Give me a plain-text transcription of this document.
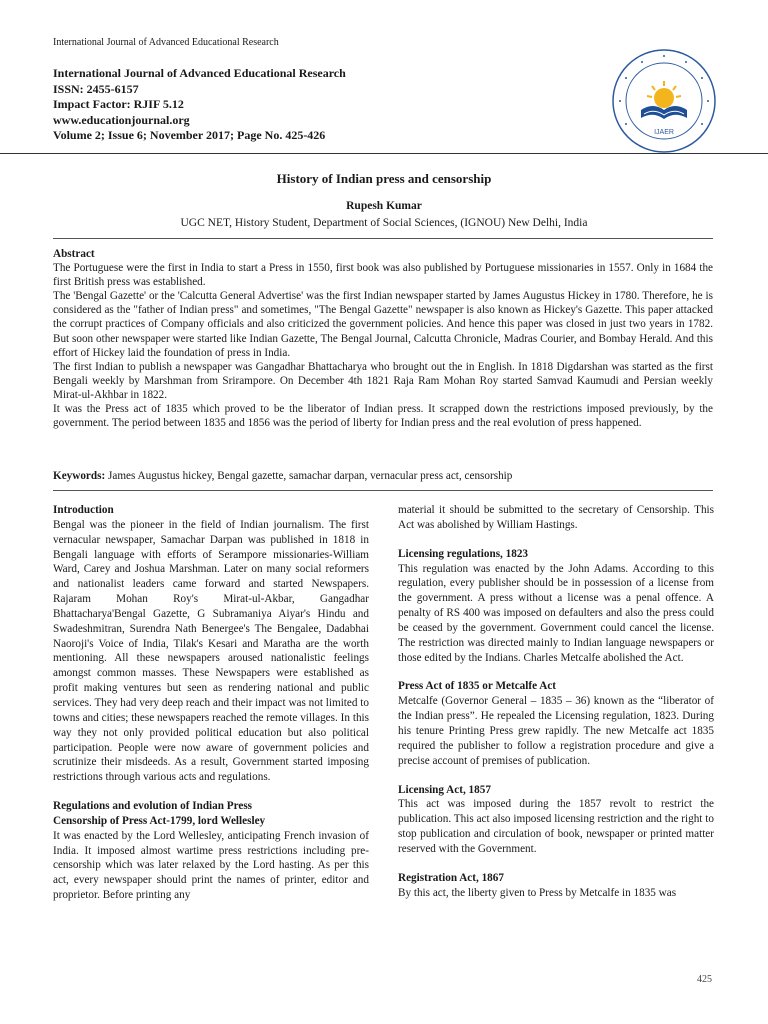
International Journal of Advanced Educational Research
International Journal of Advanced Educational Research
ISSN: 2455-6157
Impact Factor: RJIF 5.12
www.educationjournal.org
Volume 2; Issue 6; November 2017; Page No. 425-426	IJAER
History of Indian press and censorship
Rupesh Kumar
UGC NET, History Student, Department of Social Sciences, (IGNOU) New Delhi, India
Abstract

The Portuguese were the first in India to start a Press in 1550, first book was also published by Portuguese missionaries in 1557. Only in 1684 the first British press was established.

The 'Bengal Gazette' or the 'Calcutta General Advertise' was the first Indian newspaper started by James Augustus Hickey in 1780. Therefore, he is considered as the "father of Indian press" and sometimes, "The Bengal Gazette" newspaper is also known as Hickey's Gazette. This paper attacked the corrupt practices of Company officials and also criticized the government policies. And hence this paper was closed in just two years in 1782. But soon other newspaper were started like Indian Gazette, The Bengal Journal, Calcutta Chronicle, Madras Courier, and Bombay Herald. And this effort of Hickey laid the foundation of press in India.

The first Indian to publish a newspaper was Gangadhar Bhattacharya who brought out the in English. In 1818 Digdarshan was started as the first Bengali weekly by Marshman from Srirampore. On December 4th 1821 Raja Ram Mohan Roy started Samvad Kaumudi and Persian weekly Mirat-ul-Akhbar in 1822.

It was the Press act of 1835 which proved to be the liberator of Indian press. It scrapped down the restrictions imposed previously, by the government. The period between 1835 and 1856 was the period of liberty for Indian press and the real evolution of press happened.

Keywords: James Augustus hickey, Bengal gazette, samachar darpan, vernacular press act, censorship
Introduction

Bengal was the pioneer in the field of Indian journalism. The first vernacular newspaper, Samachar Darpan was published in 1818 in Bengali language with efforts of Serampore missionaries-William Ward, Carey and Joshua Marshman. Later on many social reformers and nationalist leaders came forward and started Newspapers. Rajaram Mohan Roy's Mirat-ul-Akbar, Gangadhar Bhattacharya'Bengal Gazette, G Subramaniya Aiyar's Hindu and Swadeshmitran, Surendra Nath Benergee's The Bengalee, Dadabhai Naoroji's Voice of India, Tilak's Kesari and Maratha are the worth mentioning. All these newspapers aroused nationalistic feelings amongst common masses. These Newspapers were established as profit making ventures but seen as rendering national and public services. They had very deep reach and their impact was not limited to towns and cities; these newspapers reached the remote villages. In this way they not only provided political education but also political participation. People were now aware of government policies and scrutinize their misdeeds. As a result, Government started imposing restrictions through various acts and regulations.

Regulations and evolution of Indian Press
Censorship of Press Act-1799, lord Wellesley

It was enacted by the Lord Wellesley, anticipating French invasion of India. It imposed almost wartime press restrictions including pre-censorship which was later relaxed by the Lord hasting. As per this act, every newspaper should print the names of printer, editor and proprietor. Before printing any

material it should be submitted to the secretary of Censorship. This Act was abolished by William Hastings.

Licensing regulations, 1823

This regulation was enacted by the John Adams. According to this regulation, every publisher should be in possession of a license from the government. A press without a license was a penal offence. A penalty of RS 400 was imposed on defaulters and also the press could be ceased by the government. Government could cancel the license. The restriction was directed mainly to Indian language newspapers or those edited by the Indians. Charles Metcalfe abolished the Act.

Press Act of 1835 or Metcalfe Act

Metcalfe (Governor General – 1835 – 36) known as the “liberator of the Indian press”. He repealed the Licensing regulation, 1823. During his tenure Printing Press grew rapidly. The new Metcalfe act 1835 required the publisher to follow a registration procedure and give a precise account of premises of publication.

Licensing Act, 1857

This act was imposed during the 1857 revolt to restrict the publication. This act also imposed licensing restriction and the right to stop publication and circulation of book, newspaper or printed matter reserved with the Government.

Registration Act, 1867

By this act, the liberty given to Press by Metcalfe in 1835 was

425
